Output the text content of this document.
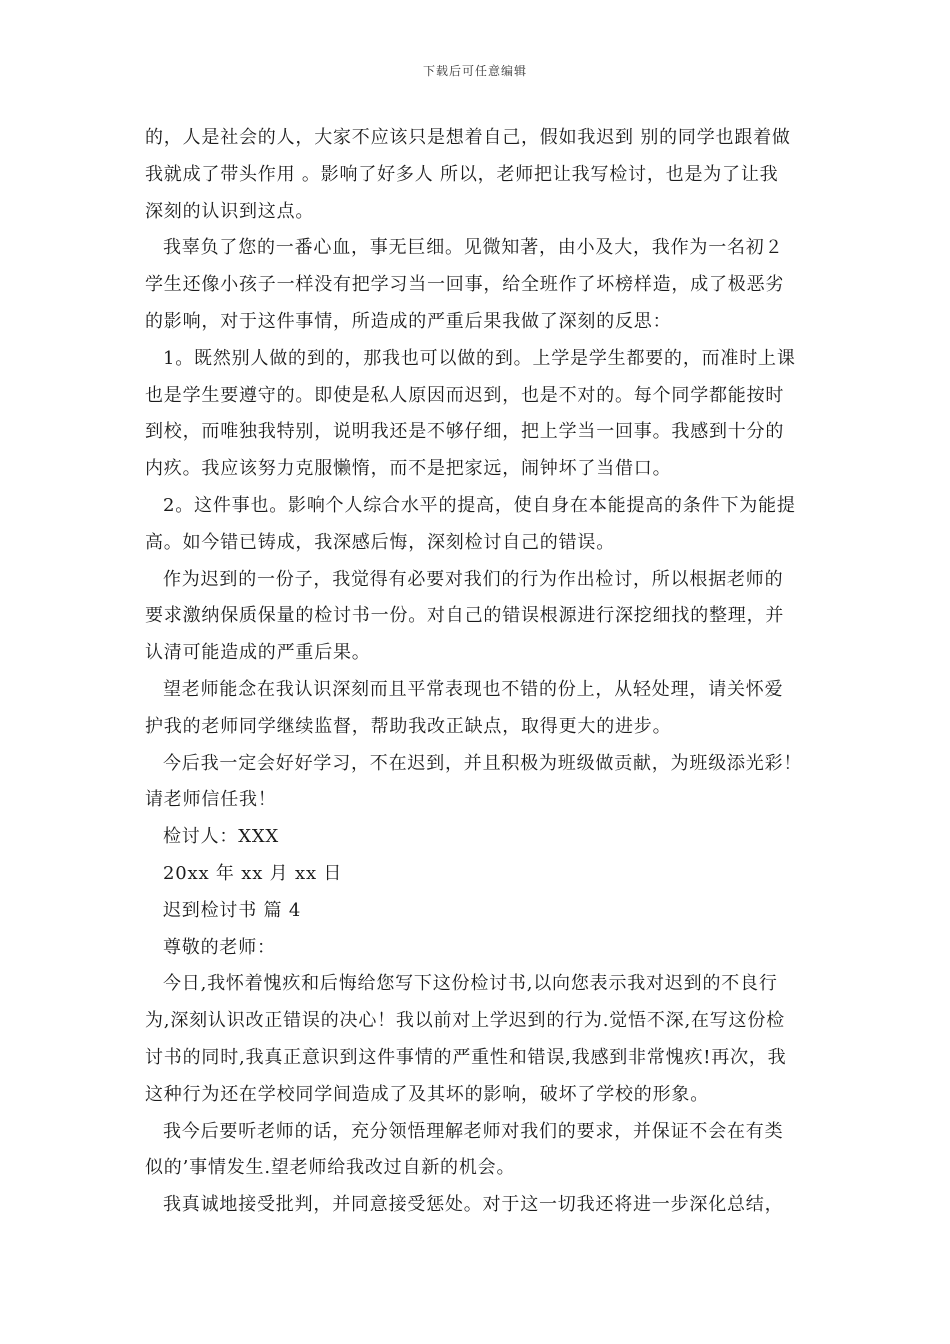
下载后可任意编辑
的，人是社会的人，大家不应该只是想着自己，假如我迟到 别的同学也跟着做
我就成了带头作用 。影响了好多人 所以，老师把让我写检讨，也是为了让我
深刻的认识到这点。
我辜负了您的一番心血，事无巨细。见微知著，由小及大，我作为一名初２
学生还像小孩子一样没有把学习当一回事，给全班作了坏榜样造，成了极恶劣
的影响，对于这件事情，所造成的严重后果我做了深刻的反思：
1。既然别人做的到的，那我也可以做的到。上学是学生都要的，而准时上课
也是学生要遵守的。即使是私人原因而迟到，也是不对的。每个同学都能按时
到校，而唯独我特别，说明我还是不够仔细，把上学当一回事。我感到十分的
内疚。我应该努力克服懒惰，而不是把家远，闹钟坏了当借口。
2。这件事也。影响个人综合水平的提高，使自身在本能提高的条件下为能提
高。如今错已铸成，我深感后悔，深刻检讨自己的错误。
作为迟到的一份子，我觉得有必要对我们的行为作出检讨，所以根据老师的
要求激纳保质保量的检讨书一份。对自己的错误根源进行深挖细找的整理，并
认清可能造成的严重后果。
望老师能念在我认识深刻而且平常表现也不错的份上，从轻处理，请关怀爱
护我的老师同学继续监督，帮助我改正缺点，取得更大的进步。
今后我一定会好好学习，不在迟到，并且积极为班级做贡献，为班级添光彩！
请老师信任我！
检讨人：XXX
20xx 年 xx 月 xx 日
迟到检讨书 篇 4
尊敬的老师：
今日,我怀着愧疚和后悔给您写下这份检讨书,以向您表示我对迟到的不良行
为,深刻认识改正错误的决心！我以前对上学迟到的行为.觉悟不深,在写这份检
讨书的同时,我真正意识到这件事情的严重性和错误,我感到非常愧疚!再次，我
这种行为还在学校同学间造成了及其坏的影响，破坏了学校的形象。
我今后要听老师的话，充分领悟理解老师对我们的要求，并保证不会在有类
似的’事情发生.望老师给我改过自新的机会。
我真诚地接受批判，并同意接受惩处。对于这一切我还将进一步深化总结，
